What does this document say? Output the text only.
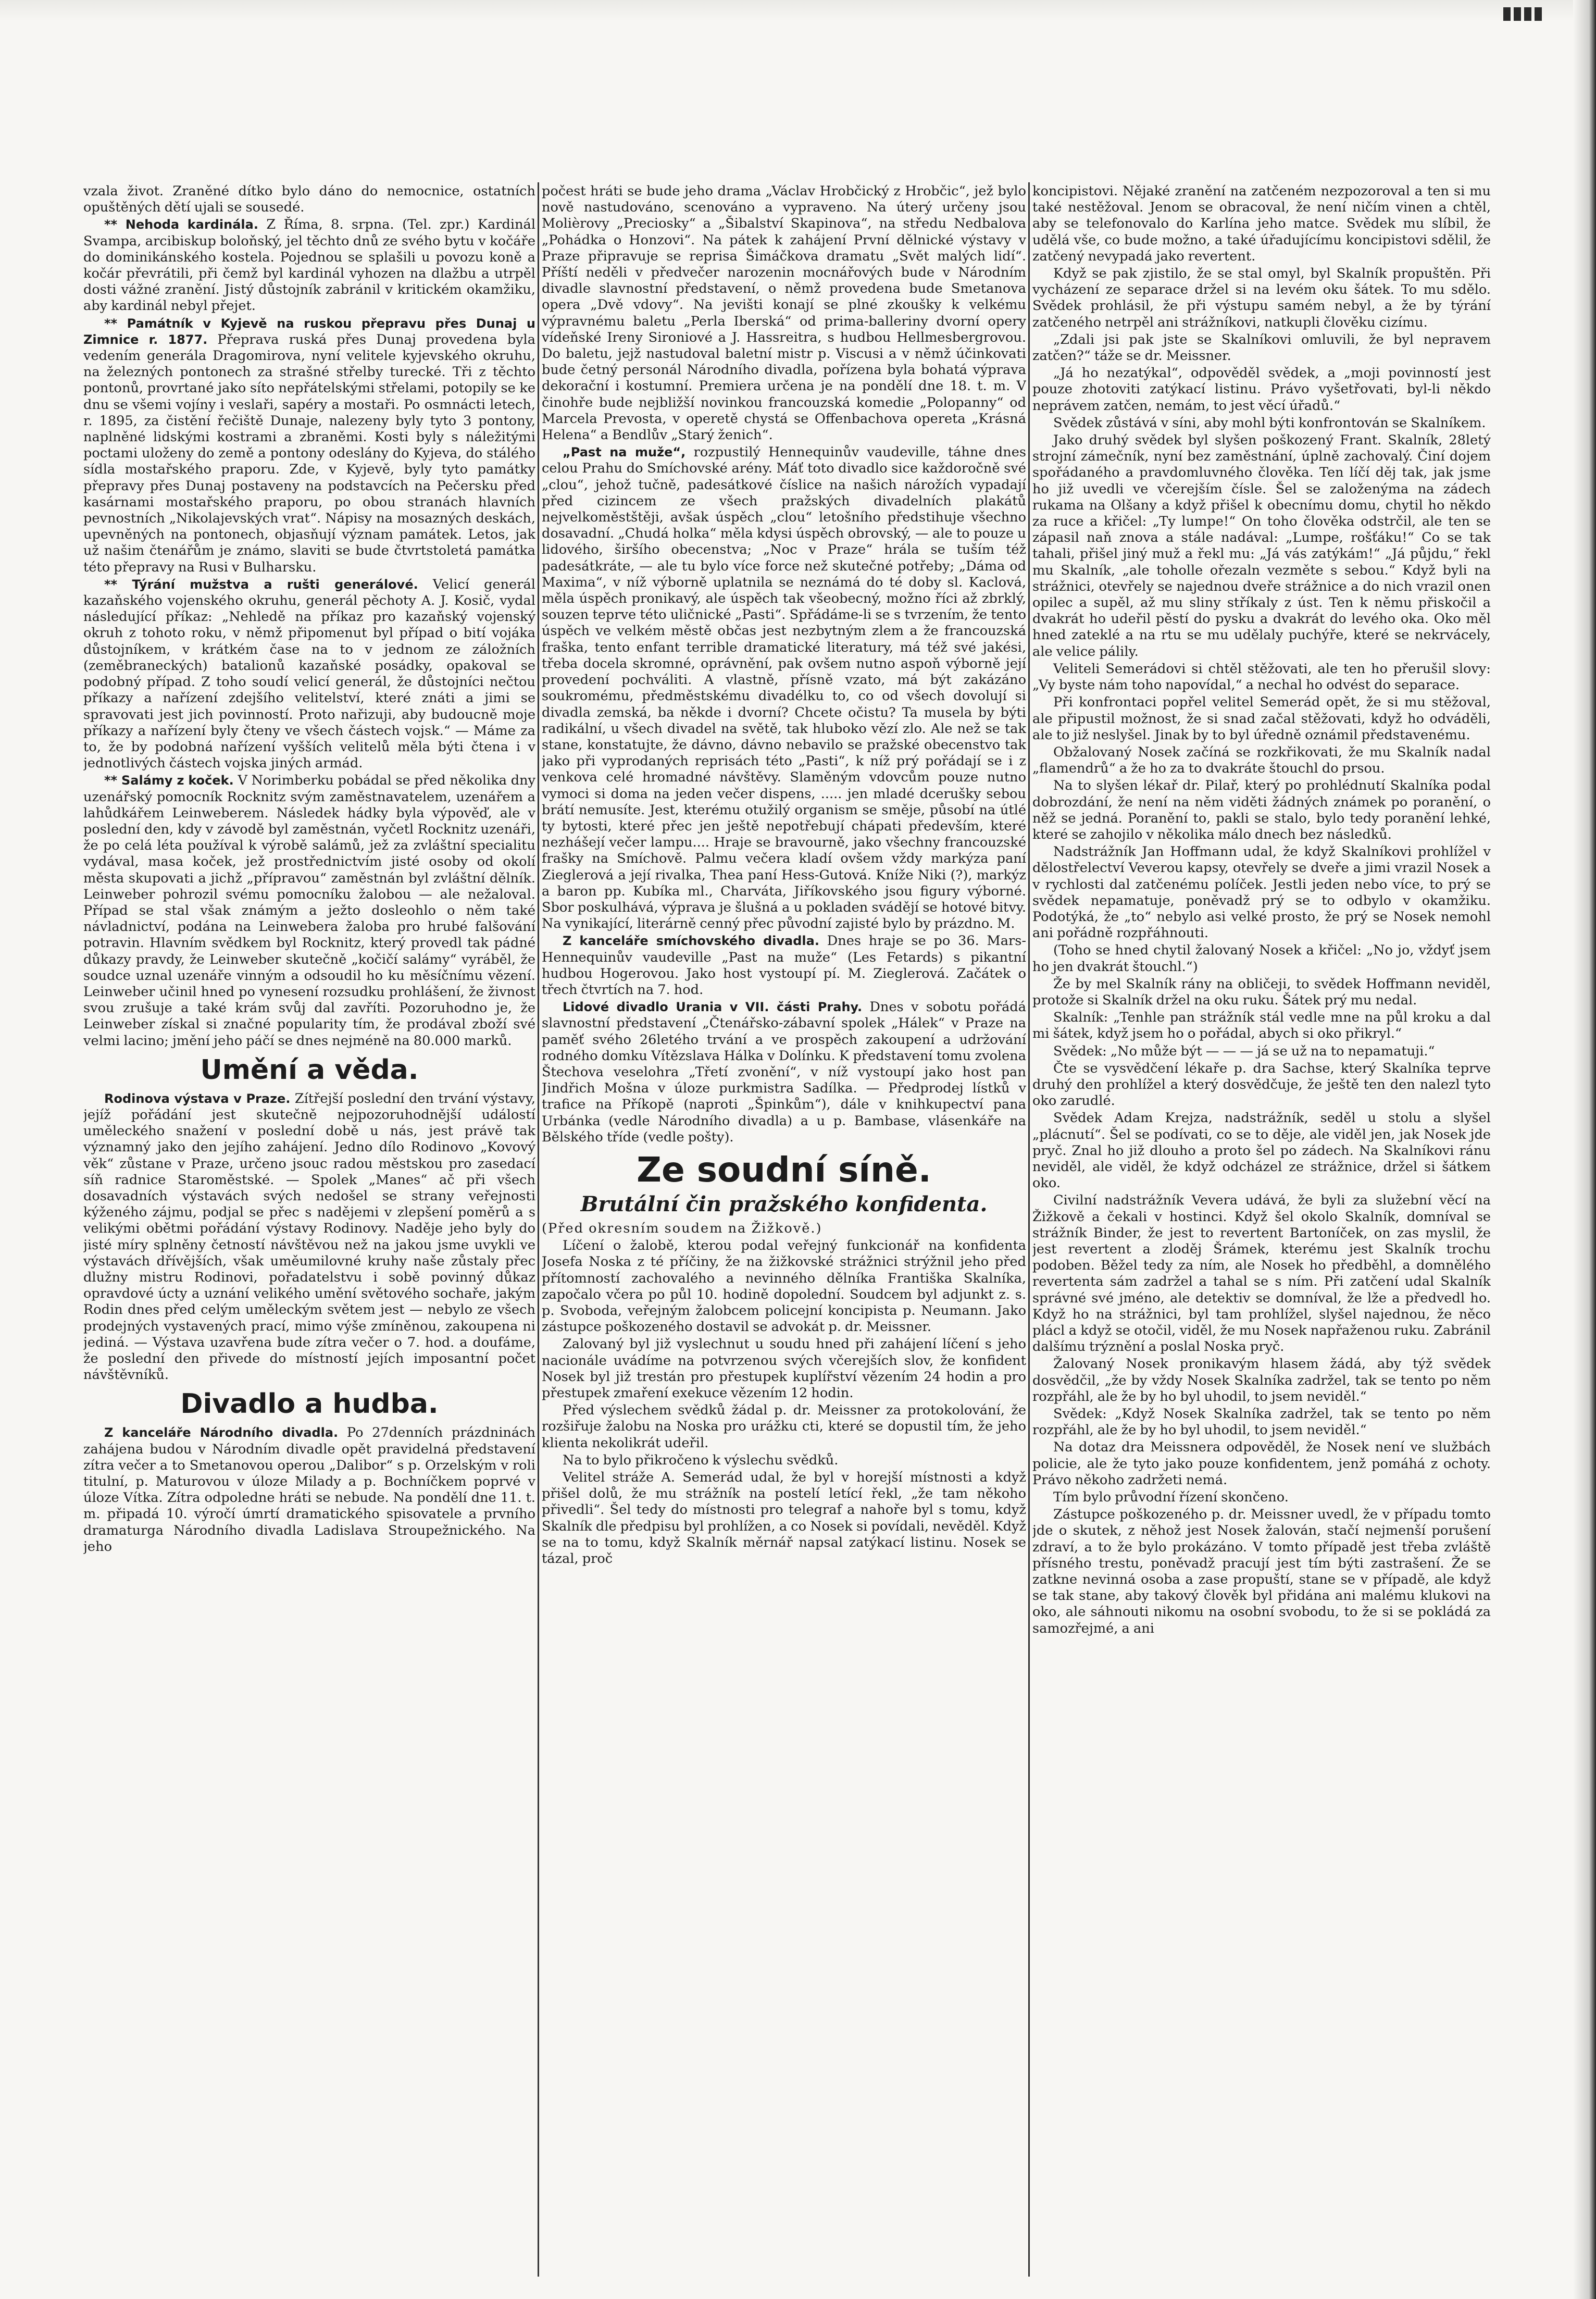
vzala život. Zraněné dítko bylo dáno do nemocnice, ostatních opuštěných dětí ujali se sousedé.

** Nehoda kardinála. Z Říma, 8. srpna. (Tel. zpr.) Kardinál Svampa, arcibiskup boloňský, jel těchto dnů ze svého bytu v kočáře do dominikánského kostela. Pojednou se splašili u povozu koně a kočár převrátili, při čemž byl kardinál vyhozen na dlažbu a utrpěl dosti vážné zranění. Jistý důstojník zabránil v kritickém okamžiku, aby kardinál nebyl přejet.

** Památník v Kyjevě na ruskou přepravu přes Dunaj u Zimnice r. 1877. Přeprava ruská přes Dunaj provedena byla vedením generála Dragomirova, nyní velitele kyjevského okruhu, na železných pontonech za strašné střelby turecké. Tři z těchto pontonů, provrtané jako síto nepřátelskými střelami, potopily se ke dnu se všemi vojíny i veslaři, sapéry a mostaři. Po osmnácti letech, r. 1895, za čistění řečiště Dunaje, nalezeny byly tyto 3 pontony, naplněné lidskými kostrami a zbraněmi. Kosti byly s náležitými poctami uloženy do země a pontony odeslány do Kyjeva, do stálého sídla mostařského praporu. Zde, v Kyjevě, byly tyto památky přepravy přes Dunaj postaveny na podstavcích na Pečersku před kasárnami mostařského praporu, po obou stranách hlavních pevnostních „Nikolajevských vrat“. Nápisy na mosazných deskách, upevněných na pontonech, objasňují význam památek. Letos, jak už našim čtenářům je známo, slaviti se bude čtvrtstoletá památka této přepravy na Rusi v Bulharsku.

** Týrání mužstva a rušti generálové. Velicí generál kazaňského vojenského okruhu, generál pěchoty A. J. Kosič, vydal následující příkaz: „Nehledě na příkaz pro kazaňský vojenský okruh z tohoto roku, v němž připomenut byl případ o bití vojáka důstojníkem, v krátkém čase na to v jednom ze záložních (zeměbraneckých) batalionů kazaňské posádky, opakoval se podobný případ. Z toho soudí velicí generál, že důstojníci nečtou příkazy a nařízení zdejšího velitelství, které znáti a jimi se spravovati jest jich povinností. Proto nařizuji, aby budoucně moje příkazy a nařízení byly čteny ve všech částech vojsk.“ — Máme za to, že by podobná nařízení vyšších velitelů měla býti čtena i v jednotlivých částech vojska jiných armád.

** Salámy z koček. V Norimberku pobádal se před několika dny uzenářský pomocník Rocknitz svým zaměstnavatelem, uzenářem a lahůdkářem Leinweberem. Následek hádky byla výpověď, ale v poslední den, kdy v závodě byl zaměstnán, vyčetl Rocknitz uzenáři, že po celá léta používal k výrobě salámů, jež za zvláštní specialitu vydával, masa koček, jež prostřednictvím jisté osoby od okolí města skupovati a jichž „přípravou“ zaměstnán byl zvláštní dělník. Leinweber pohrozil svému pomocníku žalobou — ale nežaloval. Případ se stal však známým a ježto dosleohlo o něm také návladnictví, podána na Leinwebera žaloba pro hrubé falšování potravin. Hlavním svědkem byl Rocknitz, který provedl tak pádné důkazy pravdy, že Leinweber skutečně „kočičí salámy“ vyráběl, že soudce uznal uzenáře vinným a odsoudil ho ku měsíčnímu vězení. Leinweber učinil hned po vynesení rozsudku prohlášení, že živnost svou zrušuje a také krám svůj dal zavříti. Pozoruhodno je, že Leinweber získal si značné popularity tím, že prodával zboží své velmi lacino; jmění jeho páčí se dnes nejméně na 80.000 marků.

Umění a věda.

Rodinova výstava v Praze. Zítřejší poslední den trvání výstavy, jejíž pořádání jest skutečně nejpozoruhodnější událostí uměleckého snažení v poslední době u nás, jest právě tak významný jako den jejího zahájení. Jedno dílo Rodinovo „Kovový věk“ zůstane v Praze, určeno jsouc radou městskou pro zasedací síň radnice Staroměstské. — Spolek „Manes“ ač při všech dosavadních výstavách svých nedošel se strany veřejnosti kýženého zájmu, podjal se přec s nadějemi v zlepšení poměrů a s velikými obětmi pořádání výstavy Rodinovy. Naděje jeho byly do jisté míry splněny četností návštěvou než na jakou jsme uvykli ve výstavách dřívějších, však uměumilovné kruhy naše zůstaly přec dlužny mistru Rodinovi, pořadatelstvu i sobě povinný důkaz opravdové úcty a uznání velikého umění světového sochaře, jakým Rodin dnes před celým uměleckým světem jest — nebylo ze všech prodejných vystavených prací, mimo výše zmíněnou, zakoupena ni jediná. — Výstava uzavřena bude zítra večer o 7. hod. a doufáme, že poslední den přivede do místností jejích imposantní počet návštěvníků.

Divadlo a hudba.

Z kanceláře Národního divadla. Po 27denních prázdninách zahájena budou v Národním divadle opět pravidelná představení zítra večer a to Smetanovou operou „Dalibor“ s p. Orzelským v roli titulní, p. Maturovou v úloze Milady a p. Bochníčkem poprvé v úloze Vítka. Zítra odpoledne hráti se nebude. Na pondělí dne 11. t. m. připadá 10. výročí úmrtí dramatického spisovatele a prvního dramaturga Národního divadla Ladislava Stroupežnického. Na jeho

počest hráti se bude jeho drama „Václav Hrobčický z Hrobčic“, jež bylo nově nastudováno, scenováno a vypraveno. Na úterý určeny jsou Molièrovy „Preciosky“ a „Šibalství Skapinova“, na středu Nedbalova „Pohádka o Honzovi“. Na pátek k zahájení První dělnické výstavy v Praze připravuje se reprisa Šimáčkova dramatu „Svět malých lidí“. Příští neděli v předvečer narozenin mocnářových bude v Národním divadle slavnostní představení, o němž provedena bude Smetanova opera „Dvě vdovy“. Na jevišti konají se plné zkoušky k velkému výpravnému baletu „Perla Iberská“ od prima-balleriny dvorní opery vídeňské Ireny Sironiové a J. Hassreitra, s hudbou Hellmesbergrovou. Do baletu, jejž nastudoval baletní mistr p. Viscusi a v němž účinkovati bude četný personál Národního divadla, pořízena byla bohatá výprava dekorační i kostumní. Premiera určena je na pondělí dne 18. t. m. V činohře bude nejbližší novinkou francouzská komedie „Polopanny“ od Marcela Prevosta, v operetě chystá se Offenbachova opereta „Krásná Helena“ a Bendlův „Starý ženich“.

„Past na muže“, rozpustilý Hennequinův vaudeville, táhne dnes celou Prahu do Smíchovské arény. Máť toto divadlo sice každoročně své „clou“, jehož tučně, padesátkové číslice na našich nárožích vypadají před cizincem ze všech pražských divadelních plakátů nejvelkoměstštěji, avšak úspěch „clou“ letošního předstihuje všechno dosavadní. „Chudá holka“ měla kdysi úspěch obrovský, — ale to pouze u lidového, širšího obecenstva; „Noc v Praze“ hrála se tuším též padesátkráte, — ale tu bylo více force než skutečné potřeby; „Dáma od Maxima“, v níž výborně uplatnila se neznámá do té doby sl. Kaclová, měla úspěch pronikavý, ale úspěch tak všeobecný, možno říci až zbrklý, souzen teprve této uličnické „Pasti“. Spřádáme-li se s tvrzením, že tento úspěch ve velkém městě občas jest nezbytným zlem a že francouzská fraška, tento enfant terrible dramatické literatury, má též své jakési, třeba docela skromné, oprávnění, pak ovšem nutno aspoň výborně její provedení pochváliti. A vlastně, přísně vzato, má být zakázáno soukromému, předměstskému divadélku to, co od všech dovolují si divadla zemská, ba někde i dvorní? Chcete očistu? Ta musela by býti radikální, u všech divadel na světě, tak hluboko vězí zlo. Ale než se tak stane, konstatujte, že dávno, dávno nebavilo se pražské obecenstvo tak jako při vyprodaných reprisách této „Pasti“, k níž prý pořádají se i z venkova celé hromadné návštěvy. Slaměným vdovcům pouze nutno vymoci si doma na jeden večer dispens, ..... jen mladé dcerušky sebou brátí nemusíte. Jest, kterému otužilý organism se směje, působí na útlé ty bytosti, které přec jen ještě nepotřebují chápati především, které nezhášejí večer lampu.... Hraje se bravourně, jako všechny francouzské frašky na Smíchově. Palmu večera kladí ovšem vždy markýza paní Zieglerová a její rivalka, Thea paní Hess-Gutová. Kníže Niki (?), markýz a baron pp. Kubíka ml., Charváta, Jiříkovského jsou figury výborné. Sbor poskulhává, výprava je šlušná a u pokladen svádějí se hotové bitvy. Na vynikající, literárně cenný přec původní zajisté bylo by prázdno. M.

Z kanceláře smíchovského divadla. Dnes hraje se po 36. Mars-Hennequinův vaudeville „Past na muže“ (Les Fetards) s pikantní hudbou Hogerovou. Jako host vystoupí pí. M. Zieglerová. Začátek o třech čtvrtích na 7. hod.

Lidové divadlo Urania v VII. části Prahy. Dnes v sobotu pořádá slavnostní představení „Čtenářsko-zábavní spolek „Hálek“ v Praze na paměť svého 26letého trvání a ve prospěch zakoupení a udržování rodného domku Vítězslava Hálka v Dolínku. K představení tomu zvolena Štechova veselohra „Třetí zvonění“, v níž vystoupí jako host pan Jindřich Mošna v úloze purkmistra Sadílka. — Předprodej lístků v trafice na Příkopě (naproti „Špinkům“), dále v knihkupectví pana Urbánka (vedle Národního divadla) a u p. Bambase, vlásenkáře na Bělského tříde (vedle pošty).

Ze soudní síně.
Brutální čin pražského konfidenta.

(Před okresním soudem na Žižkově.)

Líčení o žalobě, kterou podal veřejný funkcionář na konfidenta Josefa Noska z té příčiny, že na žižkovské strážnici strýžnil jeho před přítomností zachovalého a nevinného dělníka Františka Skalníka, započalo včera po půl 10. hodině dopolední. Soudcem byl adjunkt z. s. p. Svoboda, veřejným žalobcem policejní koncipista p. Neumann. Jako zástupce poškozeného dostavil se advokát p. dr. Meissner.

Zalovaný byl již vyslechnut u soudu hned při zahájení líčení s jeho nacionále uvádíme na potvrzenou svých včerejších slov, že konfident Nosek byl již trestán pro přestupek kuplířství vězením 24 hodin a pro přestupek zmaření exekuce vězením 12 hodin.

Před výslechem svědků žádal p. dr. Meissner za protokolování, že rozšiřuje žalobu na Noska pro urážku cti, které se dopustil tím, že jeho klienta nekolikrát udeřil.

Na to bylo přikročeno k výslechu svědků.

Velitel stráže A. Semerád udal, že byl v horejší místnosti a když přišel dolů, že mu strážník na postelí letící řekl, „že tam někoho přivedli“. Šel tedy do místnosti pro telegraf a nahoře byl s tomu, když Skalník dle předpisu byl prohlížen, a co Nosek si povídali, nevěděl. Když se na to tomu, když Skalník měrnář napsal zatýkací listinu. Nosek se tázal, proč

koncipistovi. Nějaké zranění na zatčeném nezpozoroval a ten si mu také nestěžoval. Jenom se obracoval, že není ničím vinen a chtěl, aby se telefonovalo do Karlína jeho matce. Svědek mu slíbil, že udělá vše, co bude možno, a také úřadujícímu koncipistovi sdělil, že zatčený nevypadá jako revertent.

Když se pak zjistilo, že se stal omyl, byl Skalník propuštěn. Při vycházení ze separace držel si na levém oku šátek. To mu sdělo. Svědek prohlásil, že při výstupu samém nebyl, a že by týrání zatčeného netrpěl ani strážníkovi, natkupli člověku cizímu.

„Zdali jsi pak jste se Skalníkovi omluvili, že byl nepravem zatčen?“ táže se dr. Meissner.

„Já ho nezatýkal“, odpověděl svědek, a „moji povinností jest pouze zhotoviti zatýkací listinu. Právo vyšetřovati, byl-li někdo neprávem zatčen, nemám, to jest věcí úřadů.“

Svědek zůstává v síni, aby mohl býti konfrontován se Skalníkem.

Jako druhý svědek byl slyšen poškozený Frant. Skalník, 28letý strojní zámečník, nyní bez zaměstnání, úplně zachovalý. Činí dojem spořádaného a pravdomluvného člověka. Ten líčí děj tak, jak jsme ho již uvedli ve včerejším čísle. Šel se založenýma na zádech rukama na Olšany a když přišel k obecnímu domu, chytil ho někdo za ruce a křičel: „Ty lumpe!“ On toho člověka odstrčil, ale ten se zápasil naň znova a stále nadával: „Lumpe, rošťáku!“ Co se tak tahali, přišel jiný muž a řekl mu: „Já vás zatýkám!“ „Já půjdu,“ řekl mu Skalník, „ale toholle ořezaln vezměte s sebou.“ Když byli na strážnici, otevřely se najednou dveře strážnice a do nich vrazil onen opilec a supěl, až mu sliny stříkaly z úst. Ten k němu přiskočil a dvakrát ho udeřil pěstí do pysku a dvakrát do levého oka. Oko měl hned zateklé a na rtu se mu udělaly puchýře, které se nekrvácely, ale velice pálily.

Veliteli Semerádovi si chtěl stěžovati, ale ten ho přerušil slovy: „Vy byste nám toho napovídal,“ a nechal ho odvést do separace.

Při konfrontaci popřel velitel Semerád opět, že si mu stěžoval, ale připustil možnost, že si snad začal stěžovati, když ho odváděli, ale to již neslyšel. Jinak by to byl úředně oznámil představenému.

Obžalovaný Nosek začíná se rozkřikovati, že mu Skalník nadal „flamendrů“ a že ho za to dvakráte štouchl do prsou.

Na to slyšen lékař dr. Pilař, který po prohlédnutí Skalníka podal dobrozdání, že není na něm viděti žádných známek po poranění, o něž se jedná. Poranění to, pakli se stalo, bylo tedy poranění lehké, které se zahojilo v několika málo dnech bez následků.

Nadstrážník Jan Hoffmann udal, že když Skalníkovi prohlížel v dělostřelectví Veverou kapsy, otevřely se dveře a jimi vrazil Nosek a v rychlosti dal zatčenému políček. Jestli jeden nebo více, to prý se svědek nepamatuje, poněvadž prý se to odbylo v okamžiku. Podotýká, že „to“ nebylo asi velké prosto, že prý se Nosek nemohl ani pořádně rozpřáhnouti.

(Toho se hned chytil žalovaný Nosek a křičel: „No jo, vždyť jsem ho jen dvakrát štouchl.“)

Že by mel Skalník rány na obličeji, to svědek Hoffmann neviděl, protože si Skalník držel na oku ruku. Šátek prý mu nedal.

Skalník: „Tenhle pan strážník stál vedle mne na půl kroku a dal mi šátek, když jsem ho o pořádal, abych si oko přikryl.“

Svědek: „No může být — — — já se už na to nepamatuji.“

Čte se vysvědčení lékaře p. dra Sachse, který Skalníka teprve druhý den prohlížel a který dosvědčuje, že ještě ten den nalezl tyto oko zarudlé.

Svědek Adam Krejza, nadstrážník, seděl u stolu a slyšel „plácnutí“. Šel se podívati, co se to děje, ale viděl jen, jak Nosek jde pryč. Znal ho již dlouho a proto šel po zádech. Na Skalníkovi ránu neviděl, ale viděl, že když odcházel ze strážnice, držel si šátkem oko.

Civilní nadstrážník Vevera udává, že byli za služební věcí na Žižkově a čekali v hostinci. Když šel okolo Skalník, domníval se strážník Binder, že jest to revertent Bartoníček, on zas myslil, že jest revertent a zloděj Šrámek, kterému jest Skalník trochu podoben. Běžel tedy za ním, ale Nosek ho předběhl, a domnělého revertenta sám zadržel a tahal se s ním. Při zatčení udal Skalník správné své jméno, ale detektiv se domníval, že lže a předvedl ho. Když ho na strážnici, byl tam prohlížel, slyšel najednou, že něco plácl a když se otočil, viděl, že mu Nosek napřaženou ruku. Zabránil dalšímu trýznění a poslal Noska pryč.

Žalovaný Nosek pronikavým hlasem žádá, aby týž svědek dosvědčil, „že by vždy Nosek Skalníka zadržel, tak se tento po něm rozpřáhl, ale že by ho byl uhodil, to jsem neviděl.“

Svědek: „Když Nosek Skalníka zadržel, tak se tento po něm rozpřáhl, ale že by ho byl uhodil, to jsem neviděl.“

Na dotaz dra Meissnera odpověděl, že Nosek není ve službách policie, ale že tyto jako pouze konfidentem, jenž pomáhá z ochoty. Právo někoho zadržeti nemá.

Tím bylo průvodní řízení skončeno.

Zástupce poškozeného p. dr. Meissner uvedl, že v případu tomto jde o skutek, z něhož jest Nosek žalován, stačí nejmenší porušení zdraví, a to že bylo prokázáno. V tomto případě jest třeba zvláště přísného trestu, poněvadž pracují jest tím býti zastrašení. Že se zatkne nevinná osoba a zase propuští, stane se v případě, ale když se tak stane, aby takový člověk byl přidána ani malému klukovi na oko, ale sáhnouti nikomu na osobní svobodu, to že si se pokládá za samozřejmé, a ani
